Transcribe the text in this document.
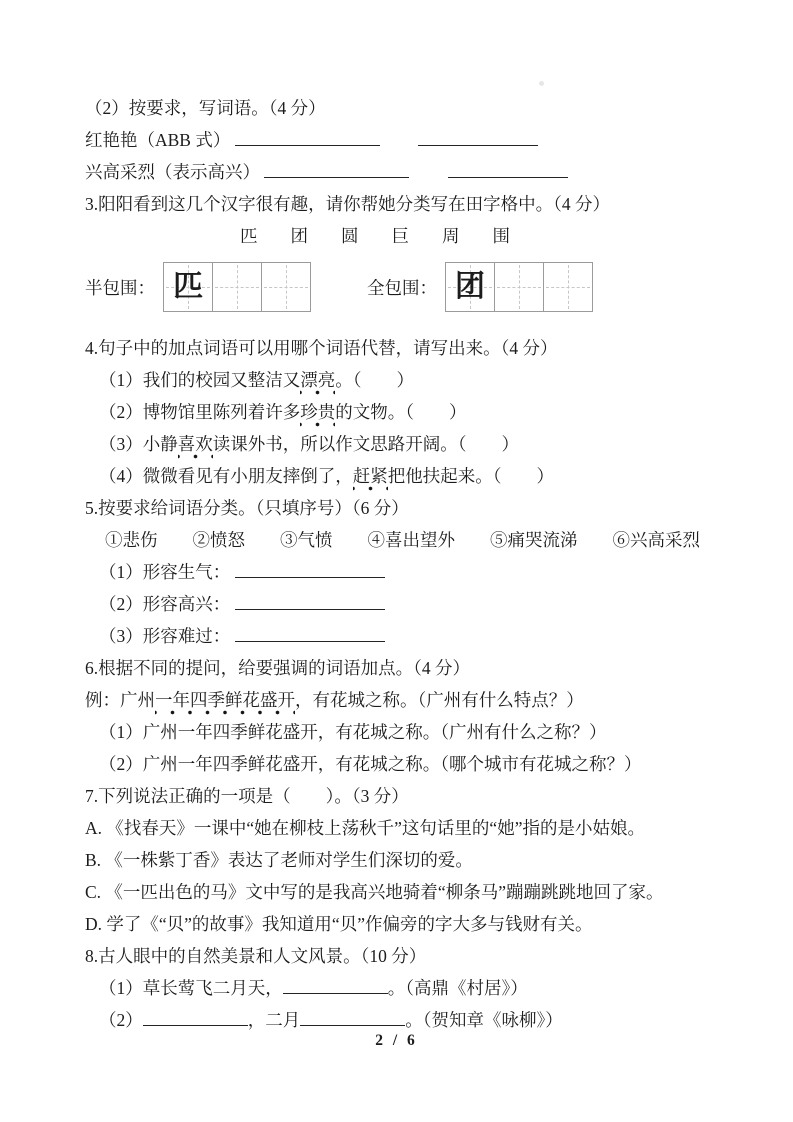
（2）按要求，写词语。（4 分）
红艳艳（ABB 式）
兴高采烈（表示高兴）
3.阳阳看到这几个汉字很有趣，请你帮她分类写在田字格中。（4 分）
匹 团 圆 巨 周 围
半包围： 匹	全包围： 团
4.句子中的加点词语可以用哪个词语代替，请写出来。（4 分）
（1）我们的校园又整洁又漂亮。（　　）
（2）博物馆里陈列着许多珍贵的文物。（　　）
（3）小静喜欢读课外书，所以作文思路开阔。（　　）
（4）微微看见有小朋友摔倒了，赶紧把他扶起来。（　　）
5.按要求给词语分类。（只填序号）（6 分）
①悲伤　　②愤怒　　③气愤　　④喜出望外　　⑤痛哭流涕　　⑥兴高采烈
（1）形容生气：
（2）形容高兴：
（3）形容难过：
6.根据不同的提问，给要强调的词语加点。（4 分）
例：广州一年四季鲜花盛开，有花城之称。（广州有什么特点？）
（1）广州一年四季鲜花盛开，有花城之称。（广州有什么之称？）
（2）广州一年四季鲜花盛开，有花城之称。（哪个城市有花城之称？）
7.下列说法正确的一项是（　　）。（3 分）
A. 《找春天》一课中“她在柳枝上荡秋千”这句话里的“她”指的是小姑娘。
B. 《一株紫丁香》表达了老师对学生们深切的爱。
C. 《一匹出色的马》文中写的是我高兴地骑着“柳条马”蹦蹦跳跳地回了家。
D. 学了《“贝”的故事》我知道用“贝”作偏旁的字大多与钱财有关。
8.古人眼中的自然美景和人文风景。（10 分）
（1）草长莺飞二月天，	。（高鼎《村居》）
（2）	，二月	。（贺知章《咏柳》）
2 / 6
